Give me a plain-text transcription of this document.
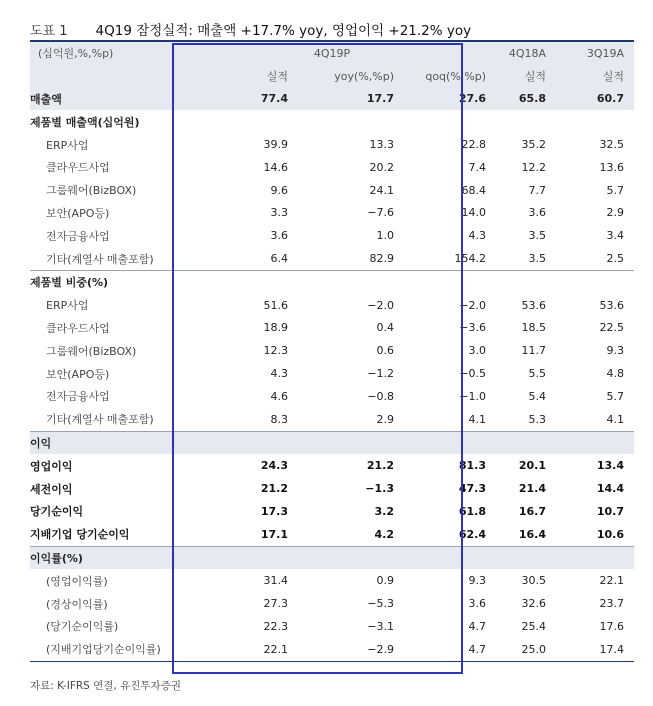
도표 1 4Q19 잠정실적: 매출액 +17.7% yoy, 영업이익 +21.2% yoy
(십억원,%,%p)	4Q19P			4Q18A	3Q19A
	실적	yoy(%,%p)	qoq(%,%p)	실적	실적
매출액	77.4	17.7	27.6	65.8	60.7
제품별 매출액(십억원)					
ERP사업	39.9	13.3	22.8	35.2	32.5
클라우드사업	14.6	20.2	7.4	12.2	13.6
그룹웨어(BizBOX)	9.6	24.1	68.4	7.7	5.7
보안(APO등)	3.3	−7.6	14.0	3.6	2.9
전자금융사업	3.6	1.0	4.3	3.5	3.4
기타(계열사 매출포함)	6.4	82.9	154.2	3.5	2.5
제품별 비중(%)					
ERP사업	51.6	−2.0	−2.0	53.6	53.6
클라우드사업	18.9	0.4	−3.6	18.5	22.5
그룹웨어(BizBOX)	12.3	0.6	3.0	11.7	9.3
보안(APO등)	4.3	−1.2	−0.5	5.5	4.8
전자금융사업	4.6	−0.8	−1.0	5.4	5.7
기타(계열사 매출포함)	8.3	2.9	4.1	5.3	4.1
이익					
영업이익	24.3	21.2	81.3	20.1	13.4
세전이익	21.2	−1.3	47.3	21.4	14.4
당기순이익	17.3	3.2	61.8	16.7	10.7
지배기업 당기순이익	17.1	4.2	62.4	16.4	10.6
이익률(%)					
(영업이익률)	31.4	0.9	9.3	30.5	22.1
(경상이익률)	27.3	−5.3	3.6	32.6	23.7
(당기순이익률)	22.3	−3.1	4.7	25.4	17.6
(지배기업당기순이익률)	22.1	−2.9	4.7	25.0	17.4
자료: K-IFRS 연결, 유진투자증권
